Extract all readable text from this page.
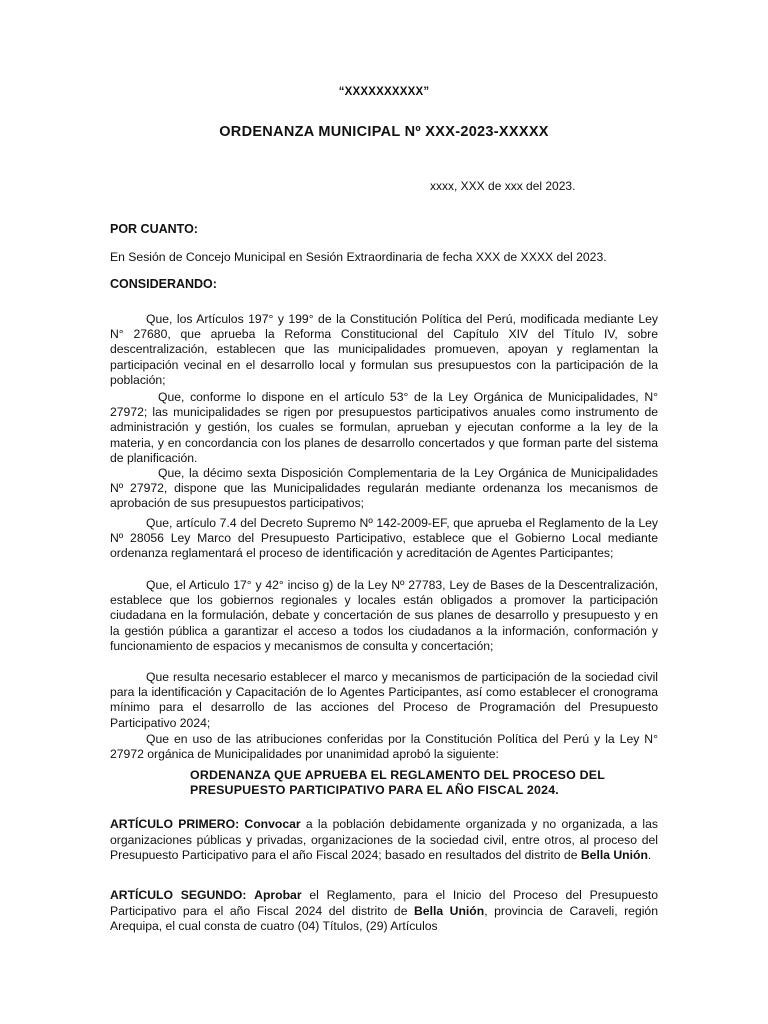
“XXXXXXXXXX”
ORDENANZA MUNICIPAL Nº XXX-2023-XXXXX
xxxx, XXX de xxx del 2023.
POR CUANTO:
En Sesión de Concejo Municipal en Sesión Extraordinaria de fecha XXX de XXXX del 2023.
CONSIDERANDO:

Que, los Artículos 197° y 199° de la Constitución Política del Perú, modificada mediante Ley N° 27680, que aprueba la Reforma Constitucional del Capítulo XIV del Título IV, sobre descentralización, establecen que las municipalidades promueven, apoyan y reglamentan la participación vecinal en el desarrollo local y formulan sus presupuestos con la participación de la población;

Que, conforme lo dispone en el artículo 53° de la Ley Orgánica de Municipalidades, N° 27972; las municipalidades se rigen por presupuestos participativos anuales como instrumento de administración y gestión, los cuales se formulan, aprueban y ejecutan conforme a la ley de la materia, y en concordancia con los planes de desarrollo concertados y que forman parte del sistema de planificación.

Que, la décimo sexta Disposición Complementaria de la Ley Orgánica de Municipalidades Nº 27972, dispone que las Municipalidades regularán mediante ordenanza los mecanismos de aprobación de sus presupuestos participativos;

Que, artículo 7.4 del Decreto Supremo Nº 142-2009-EF, que aprueba el Reglamento de la Ley Nº 28056 Ley Marco del Presupuesto Participativo, establece que el Gobierno Local mediante ordenanza reglamentará el proceso de identificación y acreditación de Agentes Participantes;

Que, el Articulo 17° y 42° inciso g) de la Ley Nº 27783, Ley de Bases de la Descentralización, establece que los gobiernos regionales y locales están obligados a promover la participación ciudadana en la formulación, debate y concertación de sus planes de desarrollo y presupuesto y en la gestión pública a garantizar el acceso a todos los ciudadanos a la información, conformación y funcionamiento de espacios y mecanismos de consulta y concertación;

Que resulta necesario establecer el marco y mecanismos de participación de la sociedad civil para la identificación y Capacitación de lo Agentes Participantes, así como establecer el cronograma mínimo para el desarrollo de las acciones del Proceso de Programación del Presupuesto Participativo 2024;

Que en uso de las atribuciones conferidas por la Constitución Política del Perú y la Ley N° 27972 orgánica de Municipalidades por unanimidad aprobó la siguiente:

ORDENANZA QUE APRUEBA EL REGLAMENTO DEL PROCESO DEL
PRESUPUESTO PARTICIPATIVO PARA EL AÑO FISCAL 2024.

ARTÍCULO PRIMERO: Convocar a la población debidamente organizada y no organizada, a las organizaciones públicas y privadas, organizaciones de la sociedad civil, entre otros, al proceso del Presupuesto Participativo para el año Fiscal 2024; basado en resultados del distrito de Bella Unión.

ARTÍCULO SEGUNDO: Aprobar el Reglamento, para el Inicio del Proceso del Presupuesto Participativo para el año Fiscal 2024 del distrito de Bella Unión, provincia de Caraveli, región Arequipa, el cual consta de cuatro (04) Títulos, (29) Artículos
